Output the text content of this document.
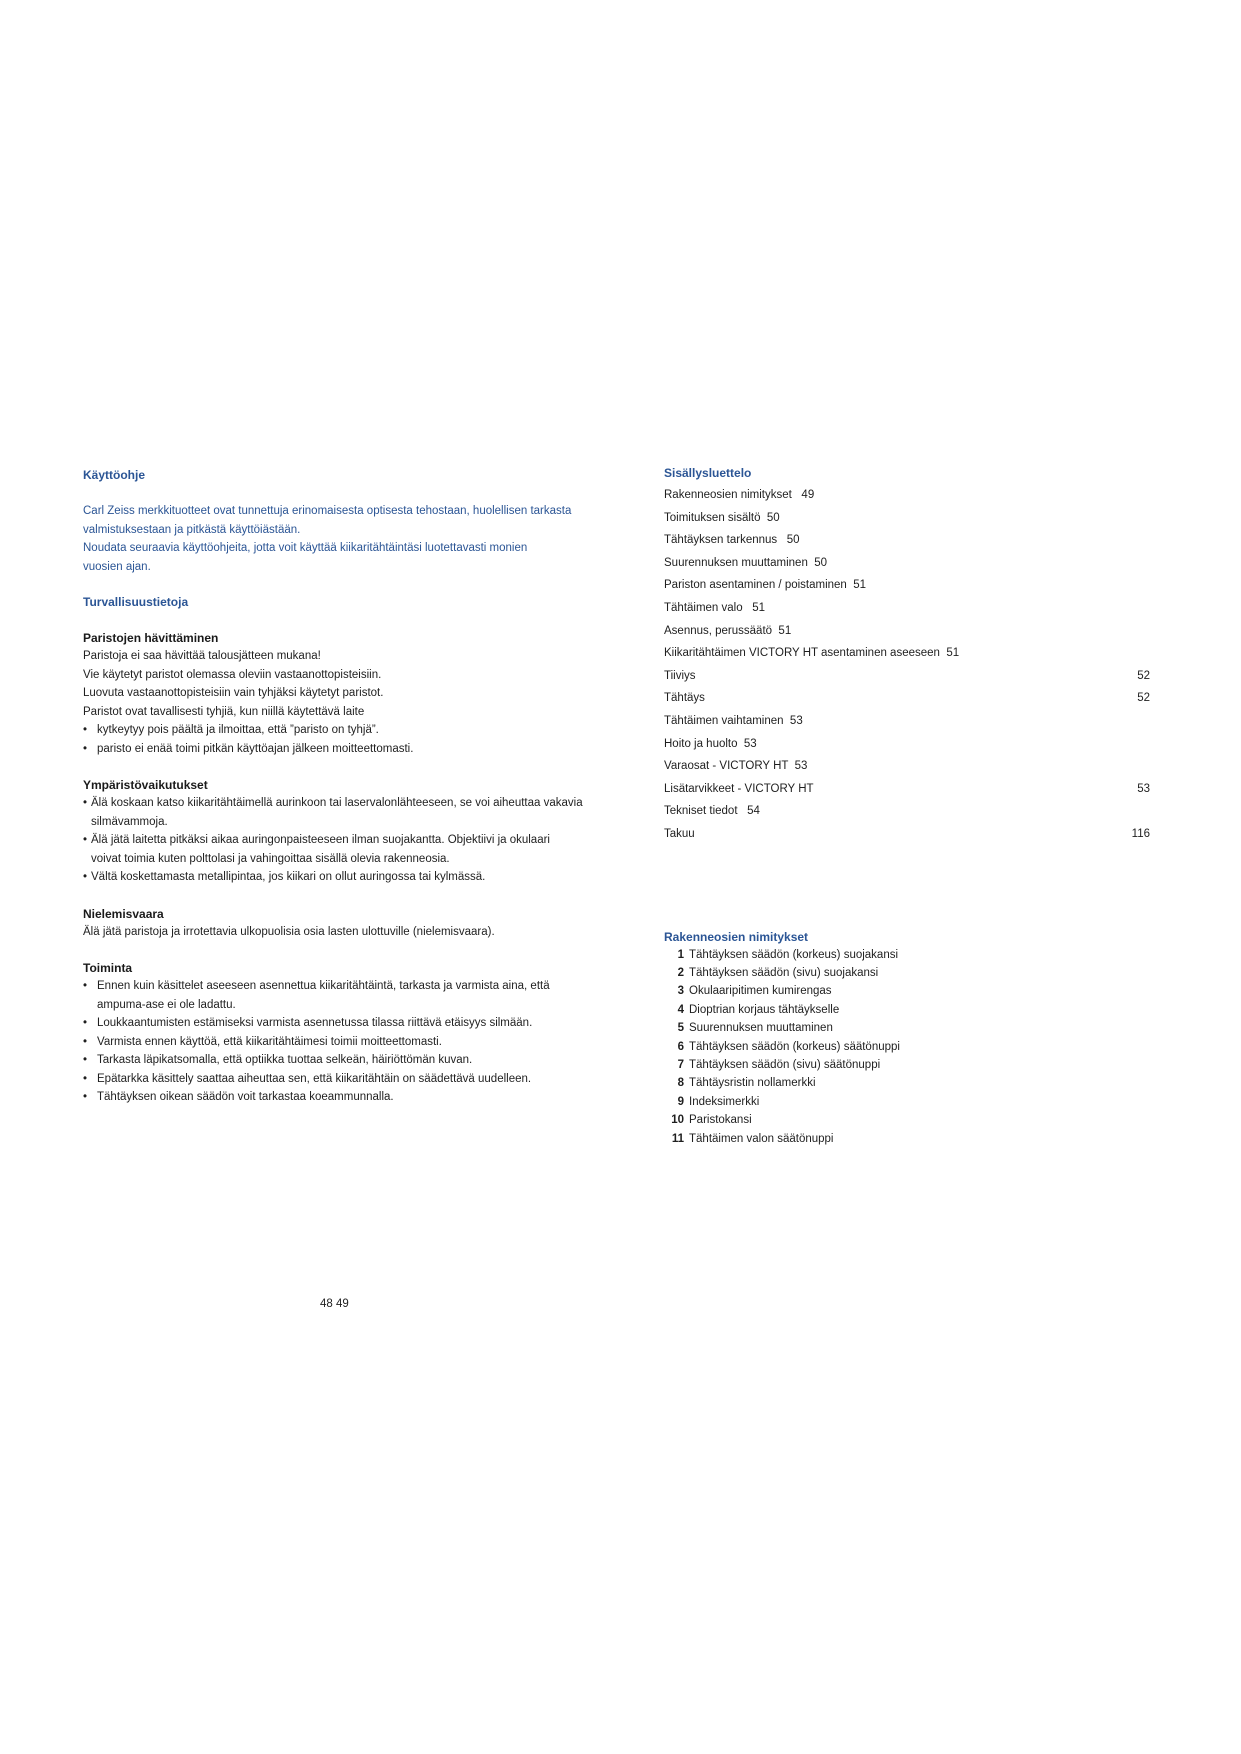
Käyttöohje
Carl Zeiss merkkituotteet ovat tunnettuja erinomaisesta optisesta tehostaan, huolellisen tarkasta
valmistuksestaan ja pitkästä käyttöiästään.
Noudata seuraavia käyttöohjeita, jotta voit käyttää kiikaritähtäintäsi luotettavasti monien
vuosien ajan.
Turvallisuustietoja
Paristojen hävittäminen

Paristoja ei saa hävittää talousjätteen mukana!

Vie käytetyt paristot olemassa oleviin vastaanottopisteisiin.

Luovuta vastaanottopisteisiin vain tyhjäksi käytetyt paristot.

Paristot ovat tavallisesti tyhjiä, kun niillä käytettävä laite

• kytkeytyy pois päältä ja ilmoittaa, että ”paristo on tyhjä”.
• paristo ei enää toimi pitkän käyttöajan jälkeen moitteettomasti.
Ympäristövaikutukset
• Älä koskaan katso kiikaritähtäimellä aurinkoon tai laservalonlähteeseen, se voi aiheuttaa vakavia
silmävammoja.
• Älä jätä laitetta pitkäksi aikaa auringonpaisteeseen ilman suojakantta. Objektiivi ja okulaari
voivat toimia kuten polttolasi ja vahingoittaa sisällä olevia rakenneosia.
• Vältä koskettamasta metallipintaa, jos kiikari on ollut auringossa tai kylmässä.
Nielemisvaara

Älä jätä paristoja ja irrotettavia ulkopuolisia osia lasten ulottuville (nielemisvaara).

Toiminta
• Ennen kuin käsittelet aseeseen asennettua kiikaritähtäintä, tarkasta ja varmista aina, että
ampuma-ase ei ole ladattu.
• Loukkaantumisten estämiseksi varmista asennetussa tilassa riittävä etäisyys silmään.
• Varmista ennen käyttöä, että kiikaritähtäimesi toimii moitteettomasti.
• Tarkasta läpikatsomalla, että optiikka tuottaa selkeän, häiriöttömän kuvan.
• Epätarkka käsittely saattaa aiheuttaa sen, että kiikaritähtäin on säädettävä uudelleen.
• Tähtäyksen oikean säädön voit tarkastaa koeammunnalla.
48 49
Sisällysluettelo
Rakenneosien nimitykset   49
Toimituksen sisältö  50
Tähtäyksen tarkennus   50
Suurennuksen muuttaminen  50
Pariston asentaminen / poistaminen  51
Tähtäimen valo   51
Asennus, perussäätö  51
Kiikaritähtäimen VICTORY HT asentaminen aseeseen  51
Tiiviys	52
Tähtäys	52
Tähtäimen vaihtaminen  53
Hoito ja huolto  53
Varaosat - VICTORY HT  53
Lisätarvikkeet - VICTORY HT	53
Tekniset tiedot   54
Takuu	116
Rakenneosien nimitykset
1 Tähtäyksen säädön (korkeus) suojakansi
2 Tähtäyksen säädön (sivu) suojakansi
3 Okulaaripitimen kumirengas
4 Dioptrian korjaus tähtäykselle
5 Suurennuksen muuttaminen
6 Tähtäyksen säädön (korkeus) säätönuppi
7 Tähtäyksen säädön (sivu) säätönuppi
8 Tähtäysristin nollamerkki
9 Indeksimerkki
10 Paristokansi
11 Tähtäimen valon säätönuppi
